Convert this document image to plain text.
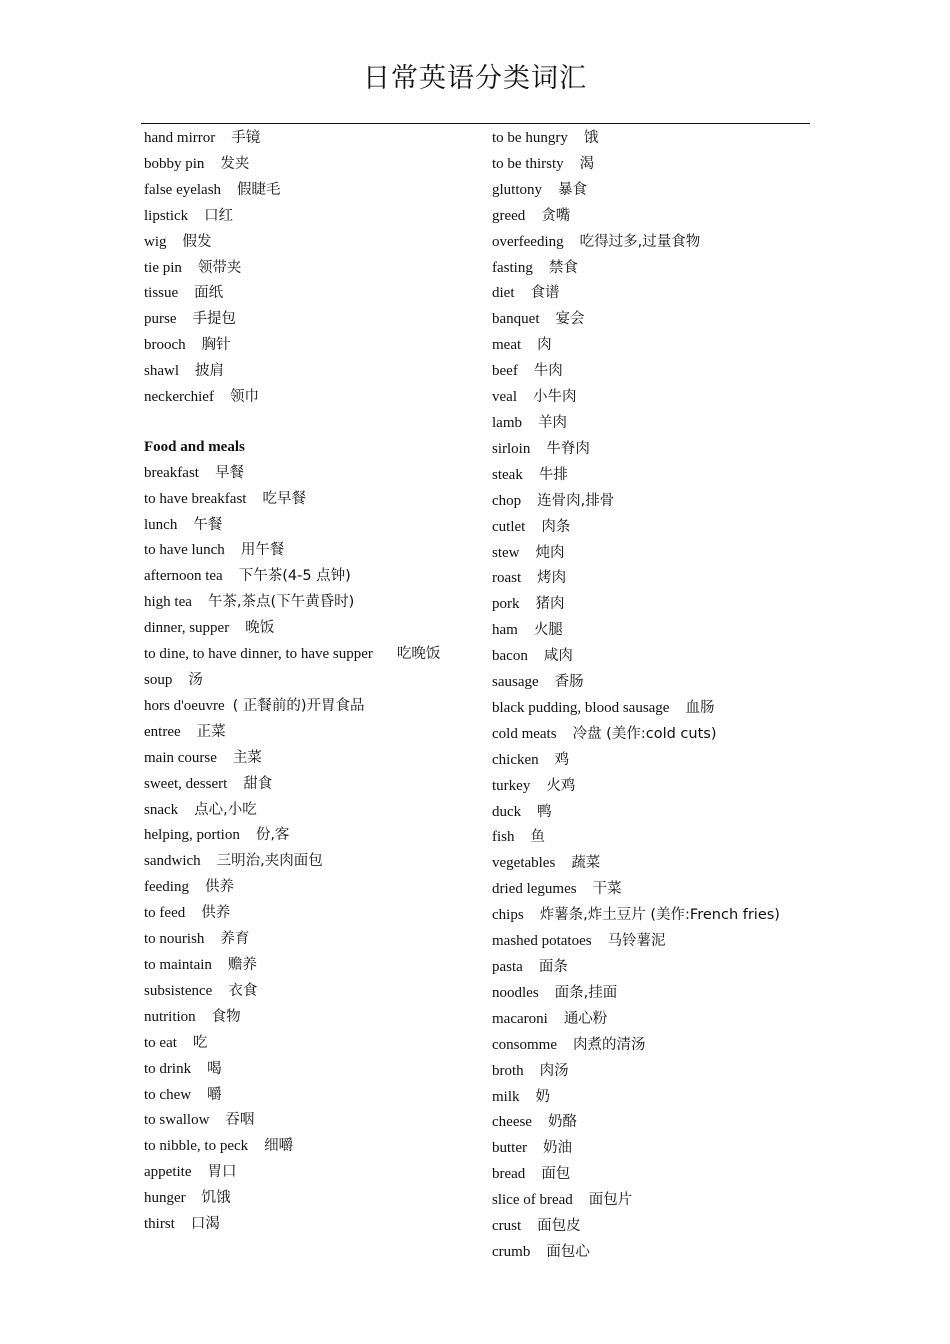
日常英语分类词汇
hand mirror 手镜
bobby pin 发夹
false eyelash 假睫毛
lipstick 口红
wig 假发
tie pin 领带夹
tissue 面纸
purse 手提包
brooch 胸针
shawl 披肩
neckerchief 领巾
Food and meals
breakfast 早餐
to have breakfast 吃早餐
lunch 午餐
to have lunch 用午餐
afternoon tea 下午茶(4-5 点钟)
high tea 午茶,茶点(下午黄昏时)
dinner, supper 晚饭
to dine, to have dinner, to have supper 吃晚饭
soup 汤
hors d'oeuvre ( 正餐前的)开胃食品
entree 正菜
main course 主菜
sweet, dessert 甜食
snack 点心,小吃
helping, portion 份,客
sandwich 三明治,夹肉面包
feeding 供养
to feed 供养
to nourish 养育
to maintain 赡养
subsistence 衣食
nutrition 食物
to eat 吃
to drink 喝
to chew 嚼
to swallow 吞咽
to nibble, to peck 细嚼
appetite 胃口
hunger 饥饿
thirst 口渴
to be hungry 饿
to be thirsty 渴
gluttony 暴食
greed 贪嘴
overfeeding 吃得过多,过量食物
fasting 禁食
diet 食谱
banquet 宴会
meat 肉
beef 牛肉
veal 小牛肉
lamb 羊肉
sirloin 牛脊肉
steak 牛排
chop 连骨肉,排骨
cutlet 肉条
stew 炖肉
roast 烤肉
pork 猪肉
ham 火腿
bacon 咸肉
sausage 香肠
black pudding, blood sausage 血肠
cold meats 冷盘 (美作:cold cuts)
chicken 鸡
turkey 火鸡
duck 鸭
fish 鱼
vegetables 蔬菜
dried legumes 干菜
chips 炸薯条,炸土豆片 (美作:French fries)
mashed potatoes 马铃薯泥
pasta 面条
noodles 面条,挂面
macaroni 通心粉
consomme 肉煮的清汤
broth 肉汤
milk 奶
cheese 奶酪
butter 奶油
bread 面包
slice of bread 面包片
crust 面包皮
crumb 面包心
